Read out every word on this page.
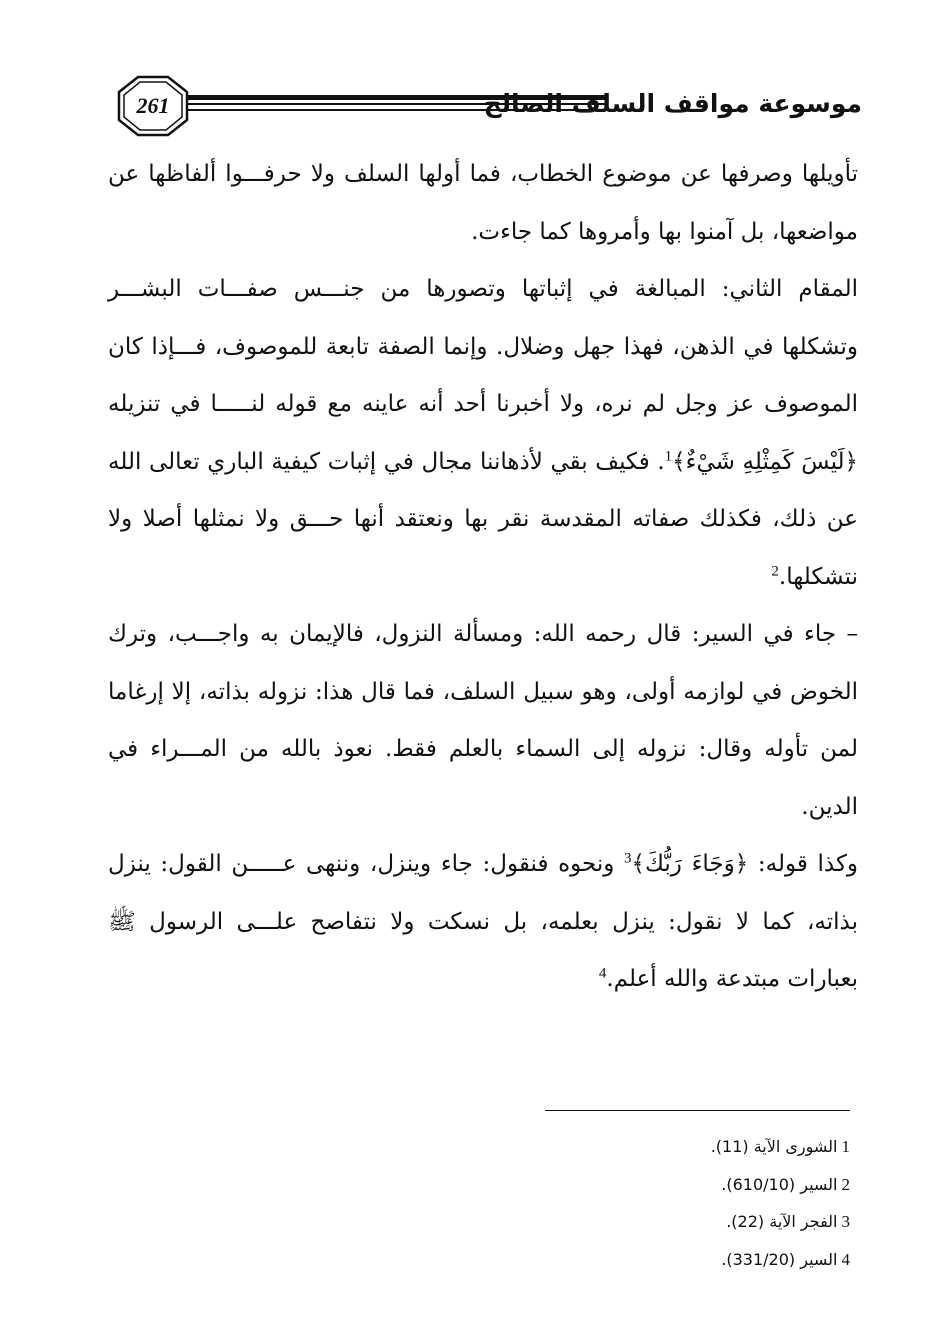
261	موسوعة مواقف السلف الصالح

تأويلها وصرفها عن موضوع الخطاب، فما أولها السلف ولا حرفـــوا ألفاظها عن مواضعها، بل آمنوا بها وأمروها كما جاءت.

المقام الثاني: المبالغة في إثباتها وتصورها من جنـــس صفـــات البشـــر وتشكلها في الذهن، فهذا جهل وضلال. وإنما الصفة تابعة للموصوف، فـــإذا كان الموصوف عز وجل لم نره، ولا أخبرنا أحد أنه عاينه مع قوله لنـــــا في تنزيله ﴿لَيْسَ كَمِثْلِهِ شَيْءٌ﴾$^1$. فكيف بقي لأذهاننا مجال في إثبات كيفية الباري تعالى الله عن ذلك، فكذلك صفاته المقدسة نقر بها ونعتقد أنها حـــق ولا نمثلها أصلا ولا نتشكلها.$^2$

– جاء في السير: قال رحمه الله: ومسألة النزول، فالإيمان به واجـــب، وترك الخوض في لوازمه أولى، وهو سبيل السلف، فما قال هذا: نزوله بذاته، إلا إرغاما لمن تأوله وقال: نزوله إلى السماء بالعلم فقط. نعوذ بالله من المـــراء في الدين.

وكذا قوله: ﴿وَجَاءَ رَبُّكَ﴾$^3$ ونحوه فنقول: جاء وينزل، وننهى عـــــن القول: ينزل بذاته، كما لا نقول: ينزل بعلمه، بل نسكت ولا نتفاصح علـــى الرسول ﷺ بعبارات مبتدعة والله أعلم.$^4$

1الشورى الآية (11).
2السير (610/10).
3الفجر الآية (22).
4السير (331/20).
